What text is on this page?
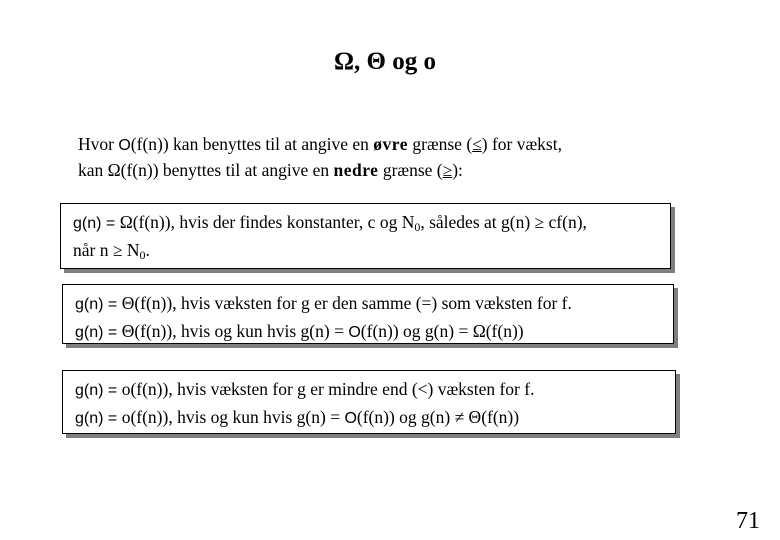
Ω, Θ og o
Hvor O(f(n)) kan benyttes til at angive en øvre grænse (≤) for vækst,
kan Ω(f(n)) benyttes til at angive en nedre grænse (≥):
g(n) = Ω(f(n)), hvis der findes konstanter, c og $N_0$, således at g(n) ≥ cf(n),
når $n \ge N_0$.
g(n) = Θ(f(n)), hvis væksten for g er den samme (=) som væksten for f.
g(n) = Θ(f(n)), hvis og kun hvis g(n) = O(f(n)) og g(n) = Ω(f(n))
g(n) = o(f(n)), hvis væksten for g er mindre end (<) væksten for f.
g(n) = o(f(n)), hvis og kun hvis g(n) = O(f(n)) og g(n) ≠ Θ(f(n))
71
